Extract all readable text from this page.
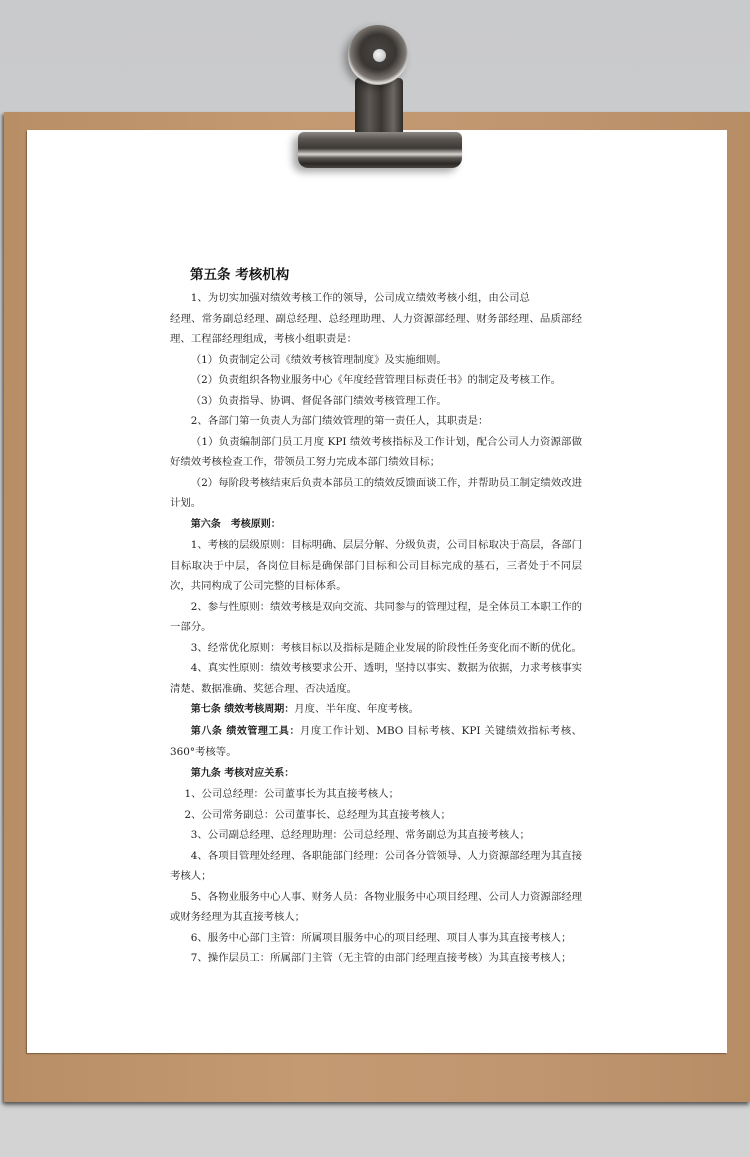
第五条 考核机构

1、为切实加强对绩效考核工作的领导，公司成立绩效考核小组，由公司总

经理、常务副总经理、副总经理、总经理助理、人力资源部经理、财务部经理、品质部经理、工程部经理组成，考核小组职责是：

（1）负责制定公司《绩效考核管理制度》及实施细则。

（2）负责组织各物业服务中心《年度经营管理目标责任书》的制定及考核工作。

（3）负责指导、协调、督促各部门绩效考核管理工作。

2、各部门第一负责人为部门绩效管理的第一责任人，其职责是：

（1）负责编制部门员工月度 KPI 绩效考核指标及工作计划，配合公司人力资源部做好绩效考核检查工作，带领员工努力完成本部门绩效目标；

（2）每阶段考核结束后负责本部员工的绩效反馈面谈工作，并帮助员工制定绩效改进计划。

第六条　考核原则：

1、考核的层级原则：目标明确、层层分解、分级负责，公司目标取决于高层，各部门目标取决于中层，各岗位目标是确保部门目标和公司目标完成的基石，三者处于不同层次，共同构成了公司完整的目标体系。

2、参与性原则：绩效考核是双向交流、共同参与的管理过程，是全体员工本职工作的一部分。

3、经常优化原则：考核目标以及指标是随企业发展的阶段性任务变化而不断的优化。

4、真实性原则：绩效考核要求公开、透明，坚持以事实、数据为依据，力求考核事实清楚、数据准确、奖惩合理、否决适度。

第七条 绩效考核周期：月度、半年度、年度考核。

第八条 绩效管理工具：月度工作计划、MBO 目标考核、KPI 关键绩效指标考核、360°考核等。

第九条 考核对应关系：

1、公司总经理：公司董事长为其直接考核人；

2、公司常务副总：公司董事长、总经理为其直接考核人；

3、公司副总经理、总经理助理：公司总经理、常务副总为其直接考核人；

4、各项目管理处经理、各职能部门经理：公司各分管领导、人力资源部经理为其直接考核人；

5、各物业服务中心人事、财务人员：各物业服务中心项目经理、公司人力资源部经理或财务经理为其直接考核人；

6、服务中心部门主管：所属项目服务中心的项目经理、项目人事为其直接考核人；

7、操作层员工：所属部门主管（无主管的由部门经理直接考核）为其直接考核人；
